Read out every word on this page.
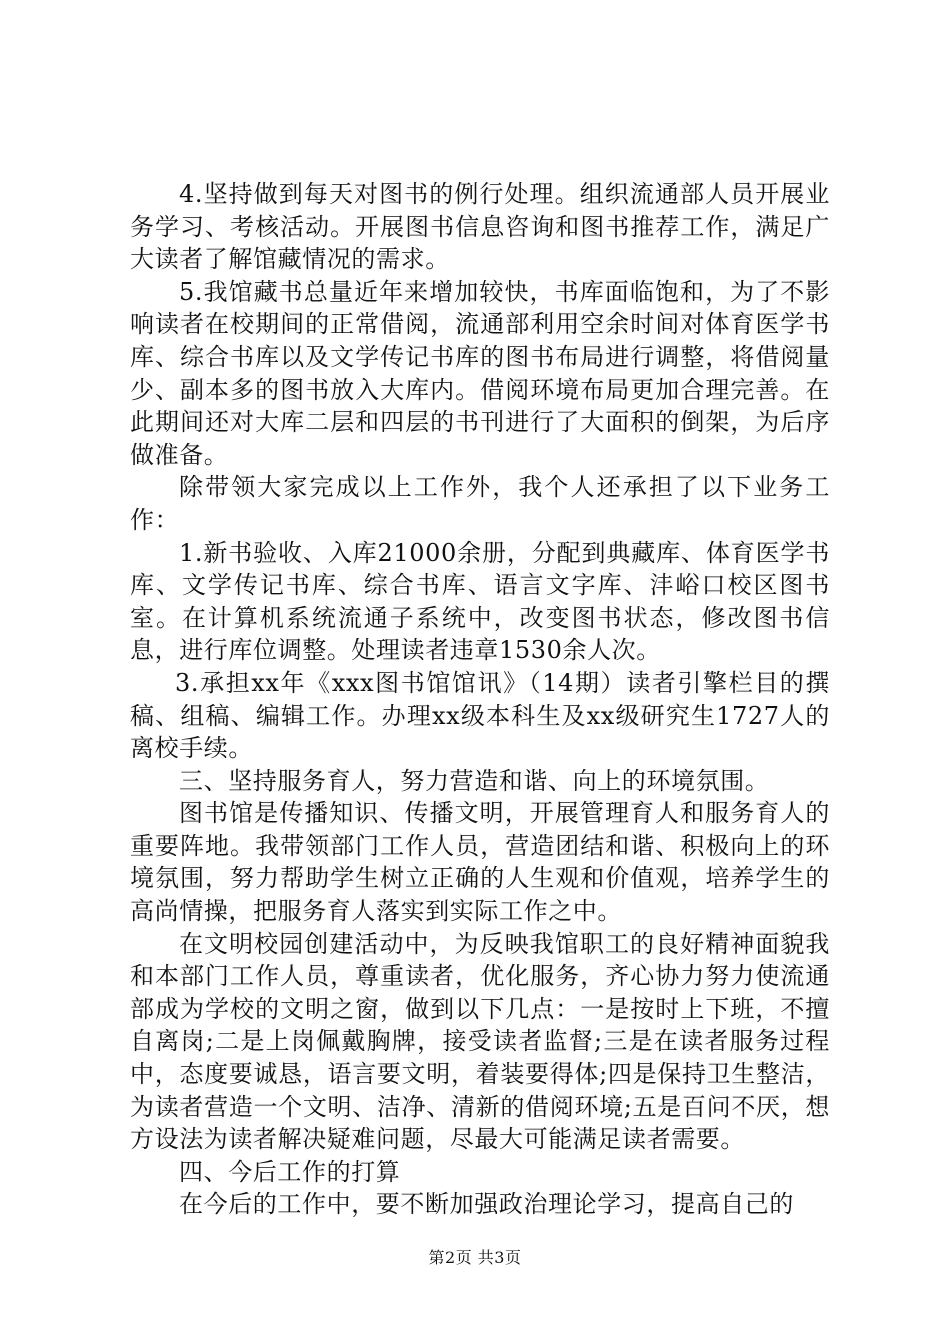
4.坚持做到每天对图书的例行处理。组织流通部人员开展业务学习、考核活动。开展图书信息咨询和图书推荐工作，满足广大读者了解馆藏情况的需求。

5.我馆藏书总量近年来增加较快，书库面临饱和，为了不影响读者在校期间的正常借阅，流通部利用空余时间对体育医学书库、综合书库以及文学传记书库的图书布局进行调整，将借阅量少、副本多的图书放入大库内。借阅环境布局更加合理完善。在此期间还对大库二层和四层的书刊进行了大面积的倒架，为后序做准备。

除带领大家完成以上工作外，我个人还承担了以下业务工作：

1.新书验收、入库21000余册，分配到典藏库、体育医学书库、文学传记书库、综合书库、语言文字库、沣峪口校区图书室。在计算机系统流通子系统中，改变图书状态，修改图书信息，进行库位调整。处理读者违章1530余人次。

3.承担xx年《xxx图书馆馆讯》（14期）读者引擎栏目的撰稿、组稿、编辑工作。办理xx级本科生及xx级研究生1727人的离校手续。

三、坚持服务育人，努力营造和谐、向上的环境氛围。

图书馆是传播知识、传播文明，开展管理育人和服务育人的重要阵地。我带领部门工作人员，营造团结和谐、积极向上的环境氛围，努力帮助学生树立正确的人生观和价值观，培养学生的高尚情操，把服务育人落实到实际工作之中。

在文明校园创建活动中，为反映我馆职工的良好精神面貌我和本部门工作人员，尊重读者，优化服务，齐心协力努力使流通部成为学校的文明之窗，做到以下几点：一是按时上下班，不擅自离岗;二是上岗佩戴胸牌，接受读者监督;三是在读者服务过程中，态度要诚恳，语言要文明，着装要得体;四是保持卫生整洁，为读者营造一个文明、洁净、清新的借阅环境;五是百问不厌，想方设法为读者解决疑难问题，尽最大可能满足读者需要。

四、今后工作的打算

在今后的工作中，要不断加强政治理论学习，提高自己的

第2页 共3页
